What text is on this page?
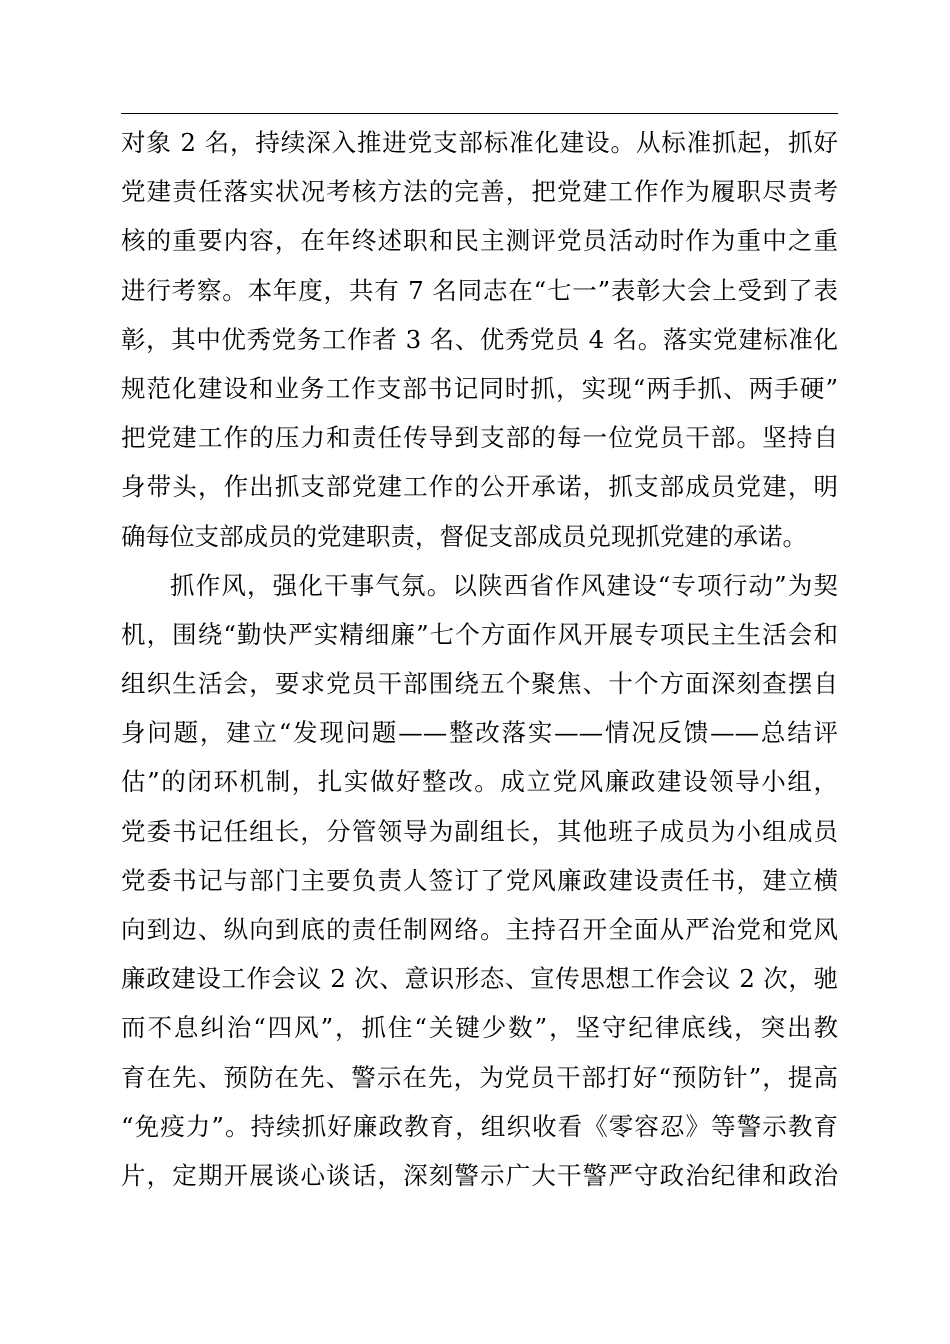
对象 2 名，持续深入推进党支部标准化建设。从标准抓起，抓好
党建责任落实状况考核方法的完善，把党建工作作为履职尽责考
核的重要内容，在年终述职和民主测评党员活动时作为重中之重
进行考察。本年度，共有 7 名同志在“七一”表彰大会上受到了表
彰，其中优秀党务工作者 3 名、优秀党员 4 名。落实党建标准化
规范化建设和业务工作支部书记同时抓，实现“两手抓、两手硬”
把党建工作的压力和责任传导到支部的每一位党员干部。坚持自
身带头，作出抓支部党建工作的公开承诺，抓支部成员党建，明
确每位支部成员的党建职责，督促支部成员兑现抓党建的承诺。
抓作风，强化干事气氛。以陕西省作风建设“专项行动”为契
机，围绕“勤快严实精细廉”七个方面作风开展专项民主生活会和
组织生活会，要求党员干部围绕五个聚焦、十个方面深刻查摆自
身问题，建立“发现问题——整改落实——情况反馈——总结评
估”的闭环机制，扎实做好整改。成立党风廉政建设领导小组，
党委书记任组长，分管领导为副组长，其他班子成员为小组成员
党委书记与部门主要负责人签订了党风廉政建设责任书，建立横
向到边、纵向到底的责任制网络。主持召开全面从严治党和党风
廉政建设工作会议 2 次、意识形态、宣传思想工作会议 2 次，驰
而不息纠治“四风”，抓住“关键少数”，坚守纪律底线，突出教
育在先、预防在先、警示在先，为党员干部打好“预防针”，提高
“免疫力”。持续抓好廉政教育，组织收看《零容忍》等警示教育
片，定期开展谈心谈话，深刻警示广大干警严守政治纪律和政治
